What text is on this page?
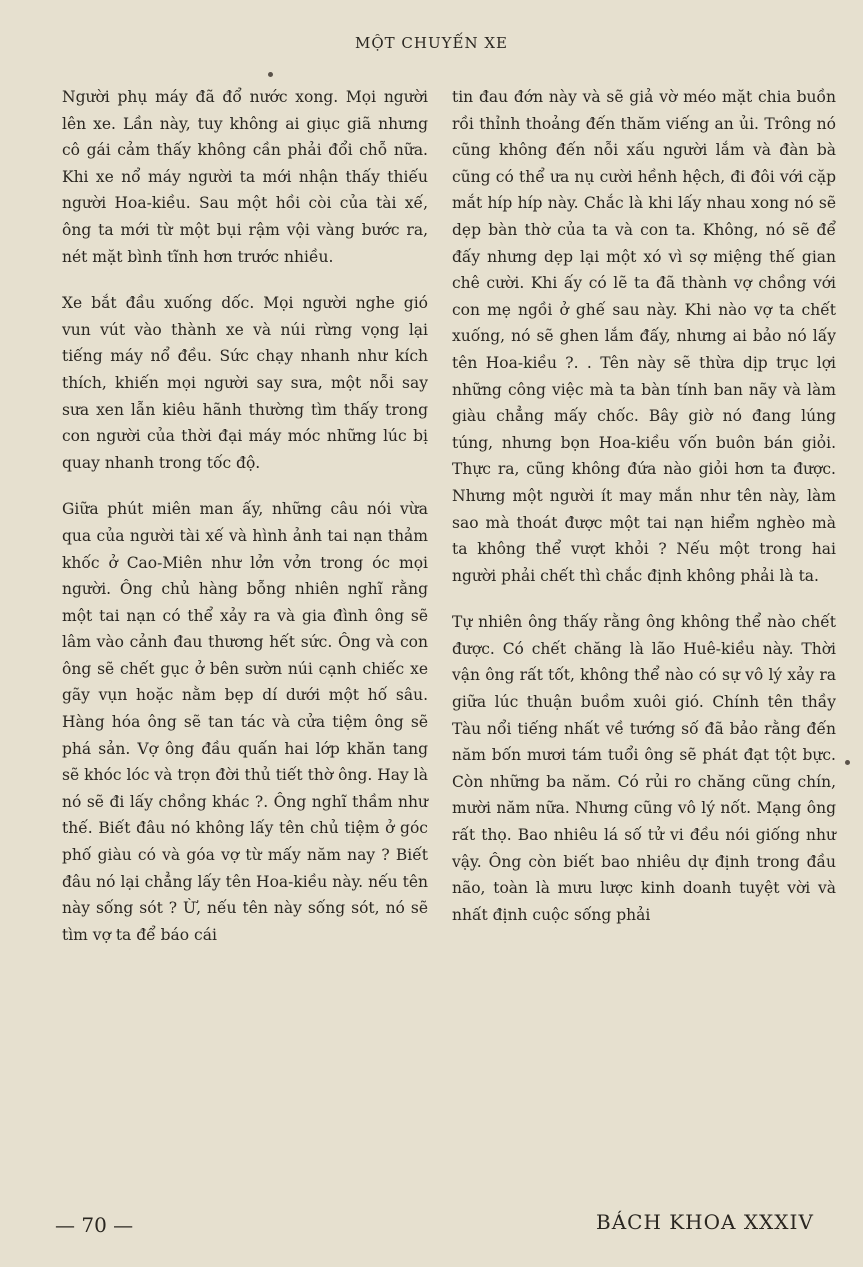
MỘT CHUYẾN XE

Người phụ máy đã đổ nước xong. Mọi người lên xe. Lần này, tuy không ai giục giã nhưng cô gái cảm thấy không cần phải đổi chỗ nữa. Khi xe nổ máy người ta mới nhận thấy thiếu người Hoa-kiều. Sau một hồi còi của tài xế, ông ta mới từ một bụi rậm vội vàng bước ra, nét mặt bình tĩnh hơn trước nhiều.

Xe bắt đầu xuống dốc. Mọi người nghe gió vun vút vào thành xe và núi rừng vọng lại tiếng máy nổ đều. Sức chạy nhanh như kích thích, khiến mọi người say sưa, một nỗi say sưa xen lẫn kiêu hãnh thường tìm thấy trong con người của thời đại máy móc những lúc bị quay nhanh trong tốc độ.

Giữa phút miên man ấy, những câu nói vừa qua của người tài xế và hình ảnh tai nạn thảm khốc ở Cao-Miên như lởn vởn trong óc mọi người. Ông chủ hàng bỗng nhiên nghĩ rằng một tai nạn có thể xảy ra và gia đình ông sẽ lâm vào cảnh đau thương hết sức. Ông và con ông sẽ chết gục ở bên sườn núi cạnh chiếc xe gãy vụn hoặc nằm bẹp dí dưới một hố sâu. Hàng hóa ông sẽ tan tác và cửa tiệm ông sẽ phá sản. Vợ ông đầu quấn hai lớp khăn tang sẽ khóc lóc và trọn đời thủ tiết thờ ông. Hay là nó sẽ đi lấy chồng khác ?. Ông nghĩ thầm như thế. Biết đâu nó không lấy tên chủ tiệm ở góc phố giàu có và góa vợ từ mấy năm nay ? Biết đâu nó lại chẳng lấy tên Hoa-kiều này. nếu tên này sống sót ? Ừ, nếu tên này sống sót, nó sẽ tìm vợ ta để báo cái

tin đau đớn này và sẽ giả vờ méo mặt chia buồn rồi thỉnh thoảng đến thăm viếng an ủi. Trông nó cũng không đến nỗi xấu người lắm và đàn bà cũng có thể ưa nụ cười hềnh hệch, đi đôi với cặp mắt híp híp này. Chắc là khi lấy nhau xong nó sẽ dẹp bàn thờ của ta và con ta. Không, nó sẽ để đấy nhưng dẹp lại một xó vì sợ miệng thế gian chê cười. Khi ấy có lẽ ta đã thành vợ chồng với con mẹ ngồi ở ghế sau này. Khi nào vợ ta chết xuống, nó sẽ ghen lắm đấy, nhưng ai bảo nó lấy tên Hoa-kiều ?. . Tên này sẽ thừa dịp trục lợi những công việc mà ta bàn tính ban nãy và làm giàu chẳng mấy chốc. Bây giờ nó đang lúng túng, nhưng bọn Hoa-kiều vốn buôn bán giỏi. Thực ra, cũng không đứa nào giỏi hơn ta được. Nhưng một người ít may mắn như tên này, làm sao mà thoát được một tai nạn hiểm nghèo mà ta không thể vượt khỏi ? Nếu một trong hai người phải chết thì chắc định không phải là ta.

Tự nhiên ông thấy rằng ông không thể nào chết được. Có chết chăng là lão Huê-kiều này. Thời vận ông rất tốt, không thể nào có sự vô lý xảy ra giữa lúc thuận buồm xuôi gió. Chính tên thầy Tàu nổi tiếng nhất về tướng số đã bảo rằng đến năm bốn mươi tám tuổi ông sẽ phát đạt tột bực. Còn những ba năm. Có rủi ro chăng cũng chín, mười năm nữa. Nhưng cũng vô lý nốt. Mạng ông rất thọ. Bao nhiêu lá số tử vi đều nói giống như vậy. Ông còn biết bao nhiêu dự định trong đầu não, toàn là mưu lược kinh doanh tuyệt vời và nhất định cuộc sống phải

— 70 —	BÁCH KHOA XXXIV
